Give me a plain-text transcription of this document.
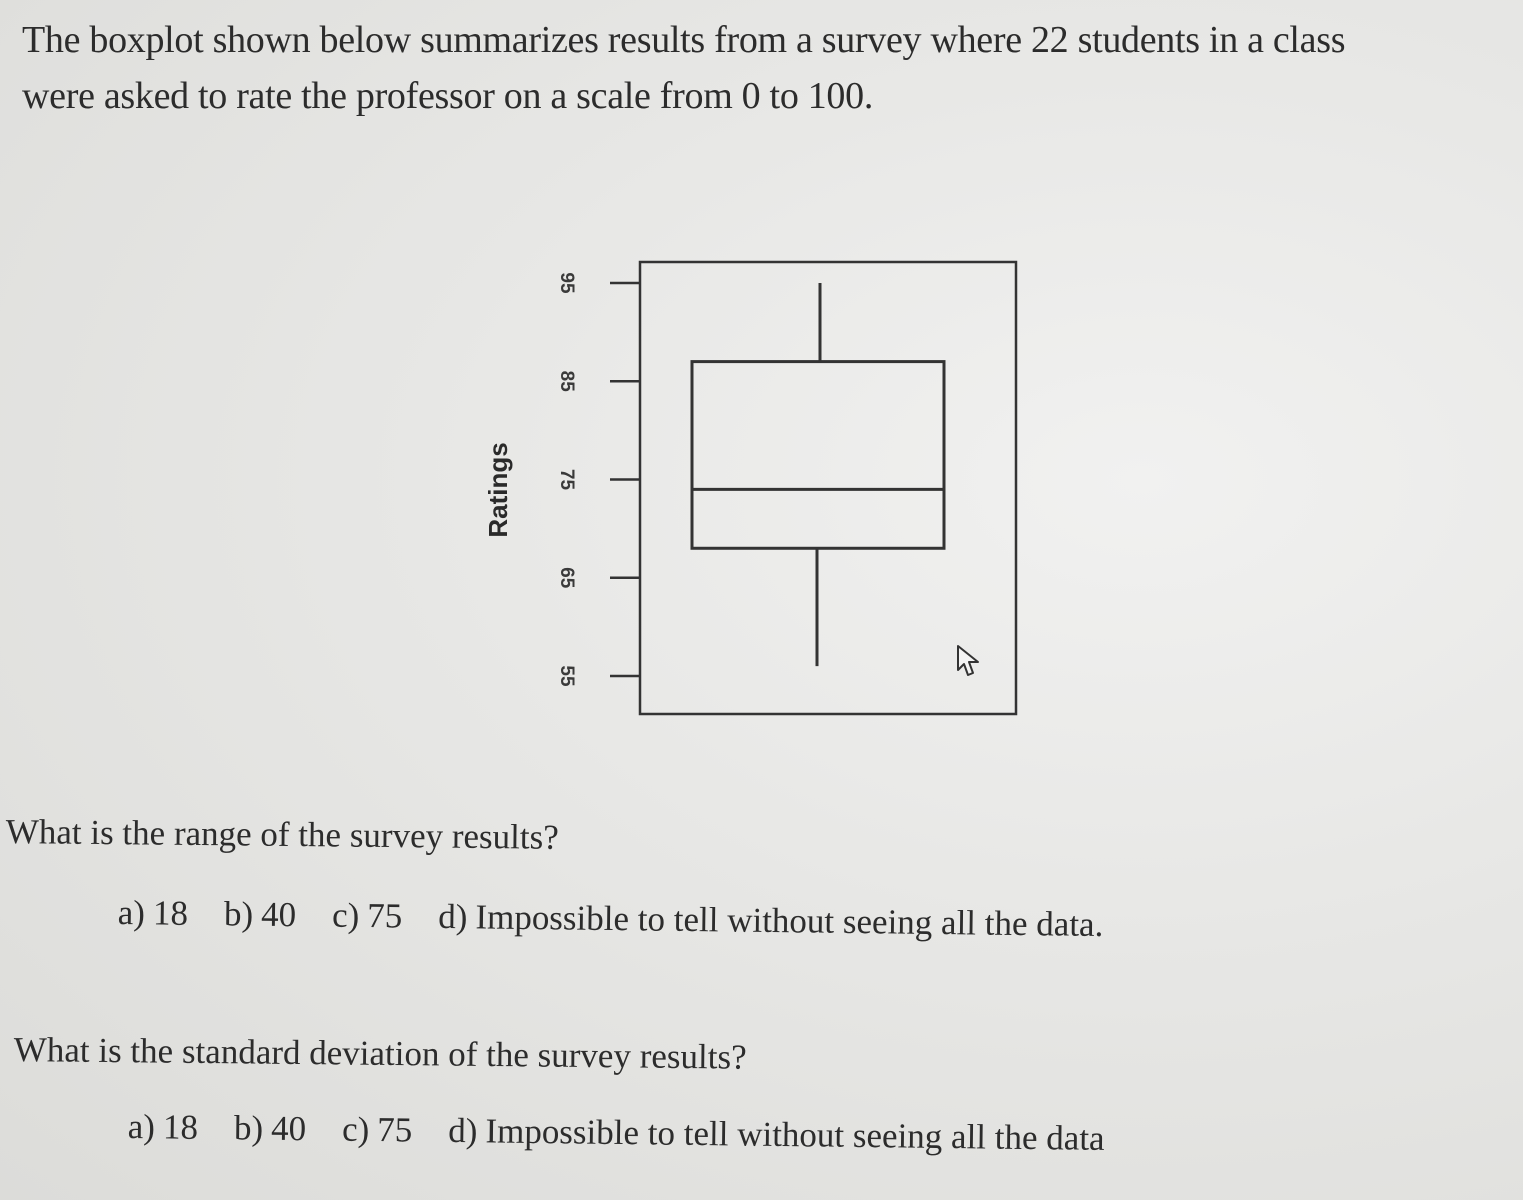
The boxplot shown below summarizes results from a survey where 22 students in a class
were asked to rate the professor on a scale from 0 to 100.
Ratings
95
85
75
65
55

What is the range of the survey results?

a) 18 b) 40 c) 75 d) Impossible to tell without seeing all the data.

What is the standard deviation of the survey results?

a) 18 b) 40 c) 75 d) Impossible to tell without seeing all the data
